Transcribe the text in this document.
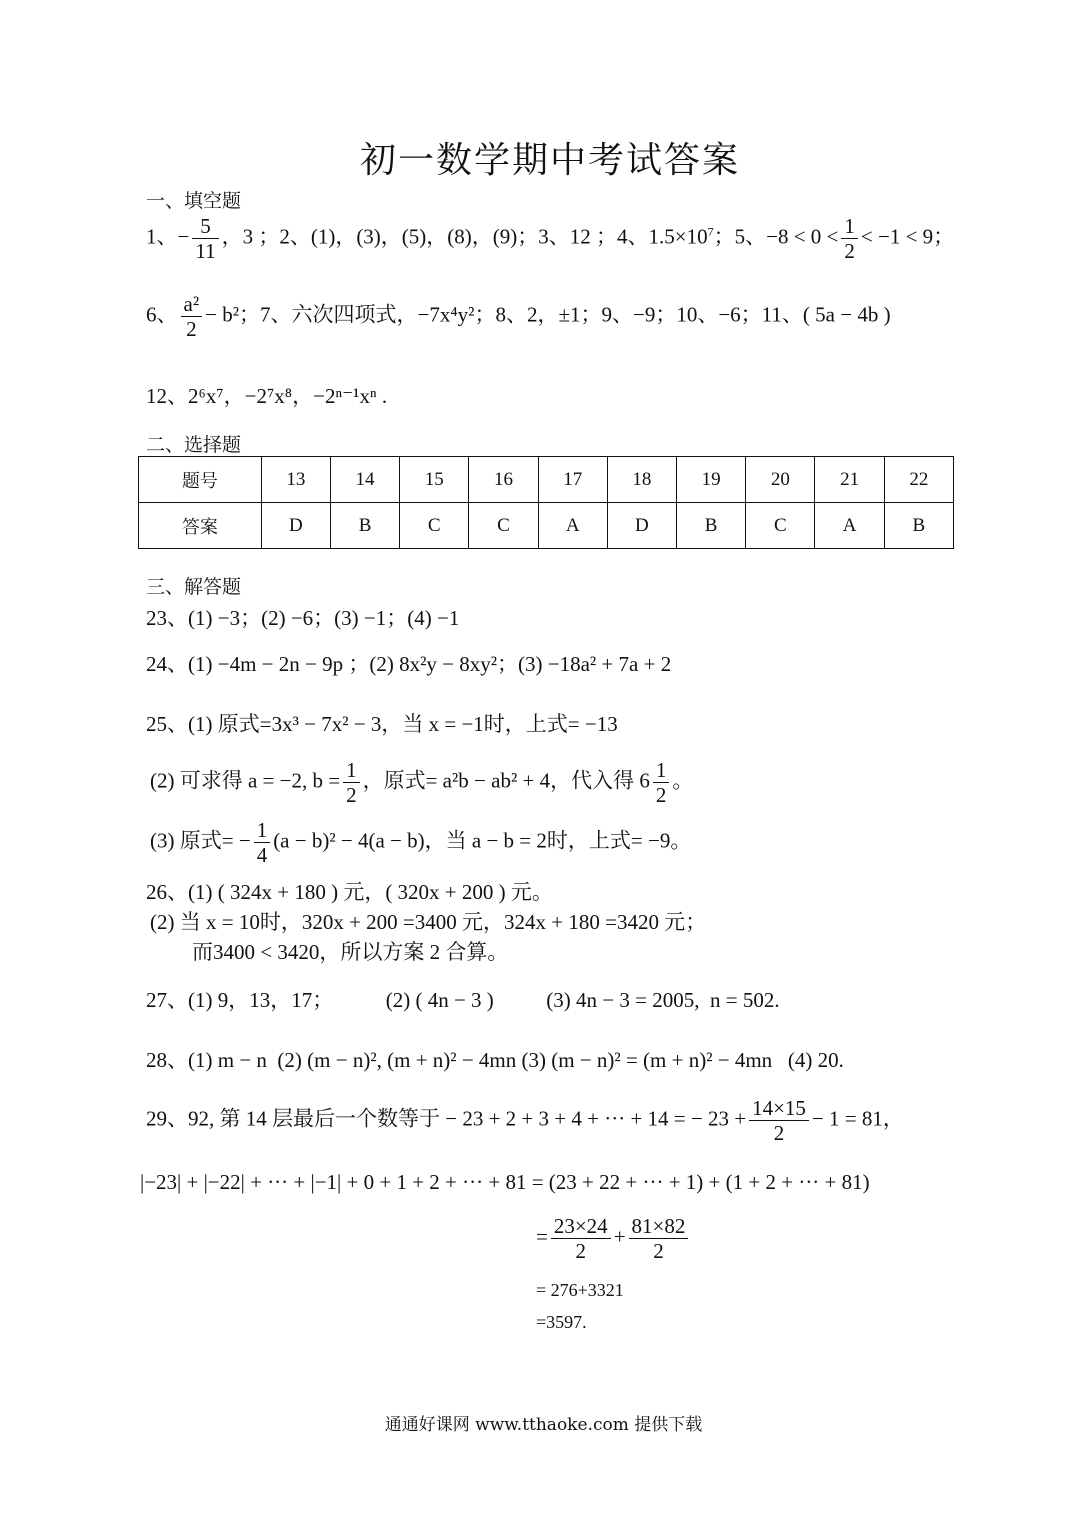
初一数学期中考试答案
一、填空题
1、− $\frac{5}{11}$ ，3 ；2、(1)，(3)，(5)，(8)，(9)；3、12 ；4、$1.5\times 10^7$；5、$-8 < 0 < \frac{1}{2} < -1 < 9$；
6、 $\frac{\text{a²}}{2} - b^2$；7、六次四项式，−7x⁴y²；8、2，±1；9、−9；10、−6；11、( 5a − 4b )
12、2⁶x⁷，−2⁷x⁸，−2ⁿ⁻¹xⁿ .
二、选择题
题号	13	14	15	16	17	18	19	20	21	22
答案	D	B	C	C	A	D	B	C	A	B
三、解答题
23、(1) −3；(2) −6；(3) −1；(4) −1
24、(1) −4m − 2n − 9p ；(2) 8x²y − 8xy²；(3) −18a² + 7a + 2
25、(1) 原式=3x³ − 7x² − 3，当 x = −1时，上式= −13
(2) 可求得 a = −2, $b = \frac{1}{2}$ ，原式= a²b − ab² + 4，代入得 $6 \frac{1}{2}$ 。
(3) 原式= − $\frac{1}{4} (a - b)^2 - 4(a - b)$，当 a − b = 2时，上式= −9。
26、(1) ( 324x + 180 ) 元，( 320x + 200 ) 元。
(2) 当 x = 10时，320x + 200 =3400 元，324x + 180 =3420 元；
而3400 < 3420，所以方案 2 合算。
27、(1) 9，13，17；          (2) ( 4n − 3 )          (3) 4n − 3 = 2005,  n = 502.
28、(1) m − n  (2) (m − n)², (m + n)² − 4mn (3) (m − n)² = (m + n)² − 4mn   (4) 20.
29、92, 第 14 层最后一个数等于 − 23 + 2 + 3 + 4 + ··· + 14 = − $23 + \frac{14\times 15}{2} - 1 = 81$，
|−23| + |−22| + ··· + |−1| + 0 + 1 + 2 + ··· + 81 = (23 + 22 + ··· + 1) + (1 + 2 + ··· + 81)
= $\frac{23\times 24}{2} + \frac{81\times 82}{2}$
= 276+3321
=3597.
通通好课网 www.tthaoke.com 提供下载
